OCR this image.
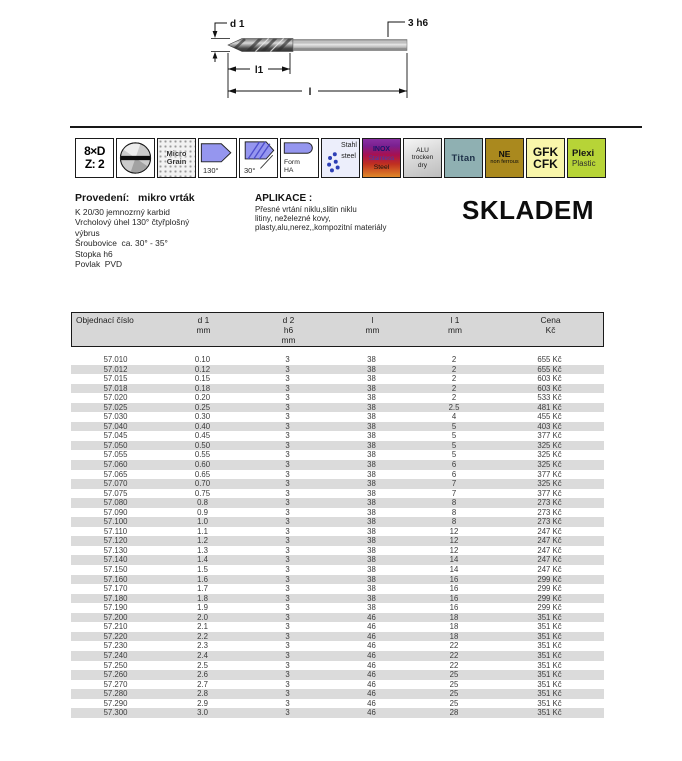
d 1	3 h6
l1
l
8×D
Z: 2
Micro
Grain
130°	30°
Form
HA
Stahl
steel
INOX
Stainless
Steel
ALU
trocken
dry
Titan	NE
non ferrous
GFK
CFK
Plexi
Plastic
Provedení:   mikro vrták
K 20/30 jemnozrný karbid
Vrcholový úhel 130° čtyřplošný
výbrus
Šroubovice  ca. 30° - 35°
Stopka h6
Povlak  PVD
APLIKACE :
Přesné vrtání niklu,slitin niklu
litiny, neželezné kovy,
plasty,alu,nerez,,kompozitní materiály
SKLADEM
Objednací číslo	d 1
mm
d 2
h6
mm
l
mm
l 1
mm
Cena
Kč
57.010	0.10	3	38	2	655 Kč
57.012	0.12	3	38	2	655 Kč
57.015	0.15	3	38	2	603 Kč
57.018	0.18	3	38	2	603 Kč
57.020	0.20	3	38	2	533 Kč
57.025	0.25	3	38	2.5	481 Kč
57.030	0.30	3	38	4	455 Kč
57.040	0.40	3	38	5	403 Kč
57.045	0.45	3	38	5	377 Kč
57.050	0.50	3	38	5	325 Kč
57.055	0.55	3	38	5	325 Kč
57.060	0.60	3	38	6	325 Kč
57.065	0.65	3	38	6	377 Kč
57.070	0.70	3	38	7	325 Kč
57.075	0.75	3	38	7	377 Kč
57.080	0.8	3	38	8	273 Kč
57.090	0.9	3	38	8	273 Kč
57.100	1.0	3	38	8	273 Kč
57.110	1.1	3	38	12	247 Kč
57.120	1.2	3	38	12	247 Kč
57.130	1.3	3	38	12	247 Kč
57.140	1.4	3	38	14	247 Kč
57.150	1.5	3	38	14	247 Kč
57.160	1.6	3	38	16	299 Kč
57.170	1.7	3	38	16	299 Kč
57.180	1.8	3	38	16	299 Kč
57.190	1.9	3	38	16	299 Kč
57.200	2.0	3	46	18	351 Kč
57.210	2.1	3	46	18	351 Kč
57.220	2.2	3	46	18	351 Kč
57.230	2.3	3	46	22	351 Kč
57.240	2.4	3	46	22	351 Kč
57.250	2.5	3	46	22	351 Kč
57.260	2.6	3	46	25	351 Kč
57.270	2.7	3	46	25	351 Kč
57.280	2.8	3	46	25	351 Kč
57.290	2.9	3	46	25	351 Kč
57.300	3.0	3	46	28	351 Kč
